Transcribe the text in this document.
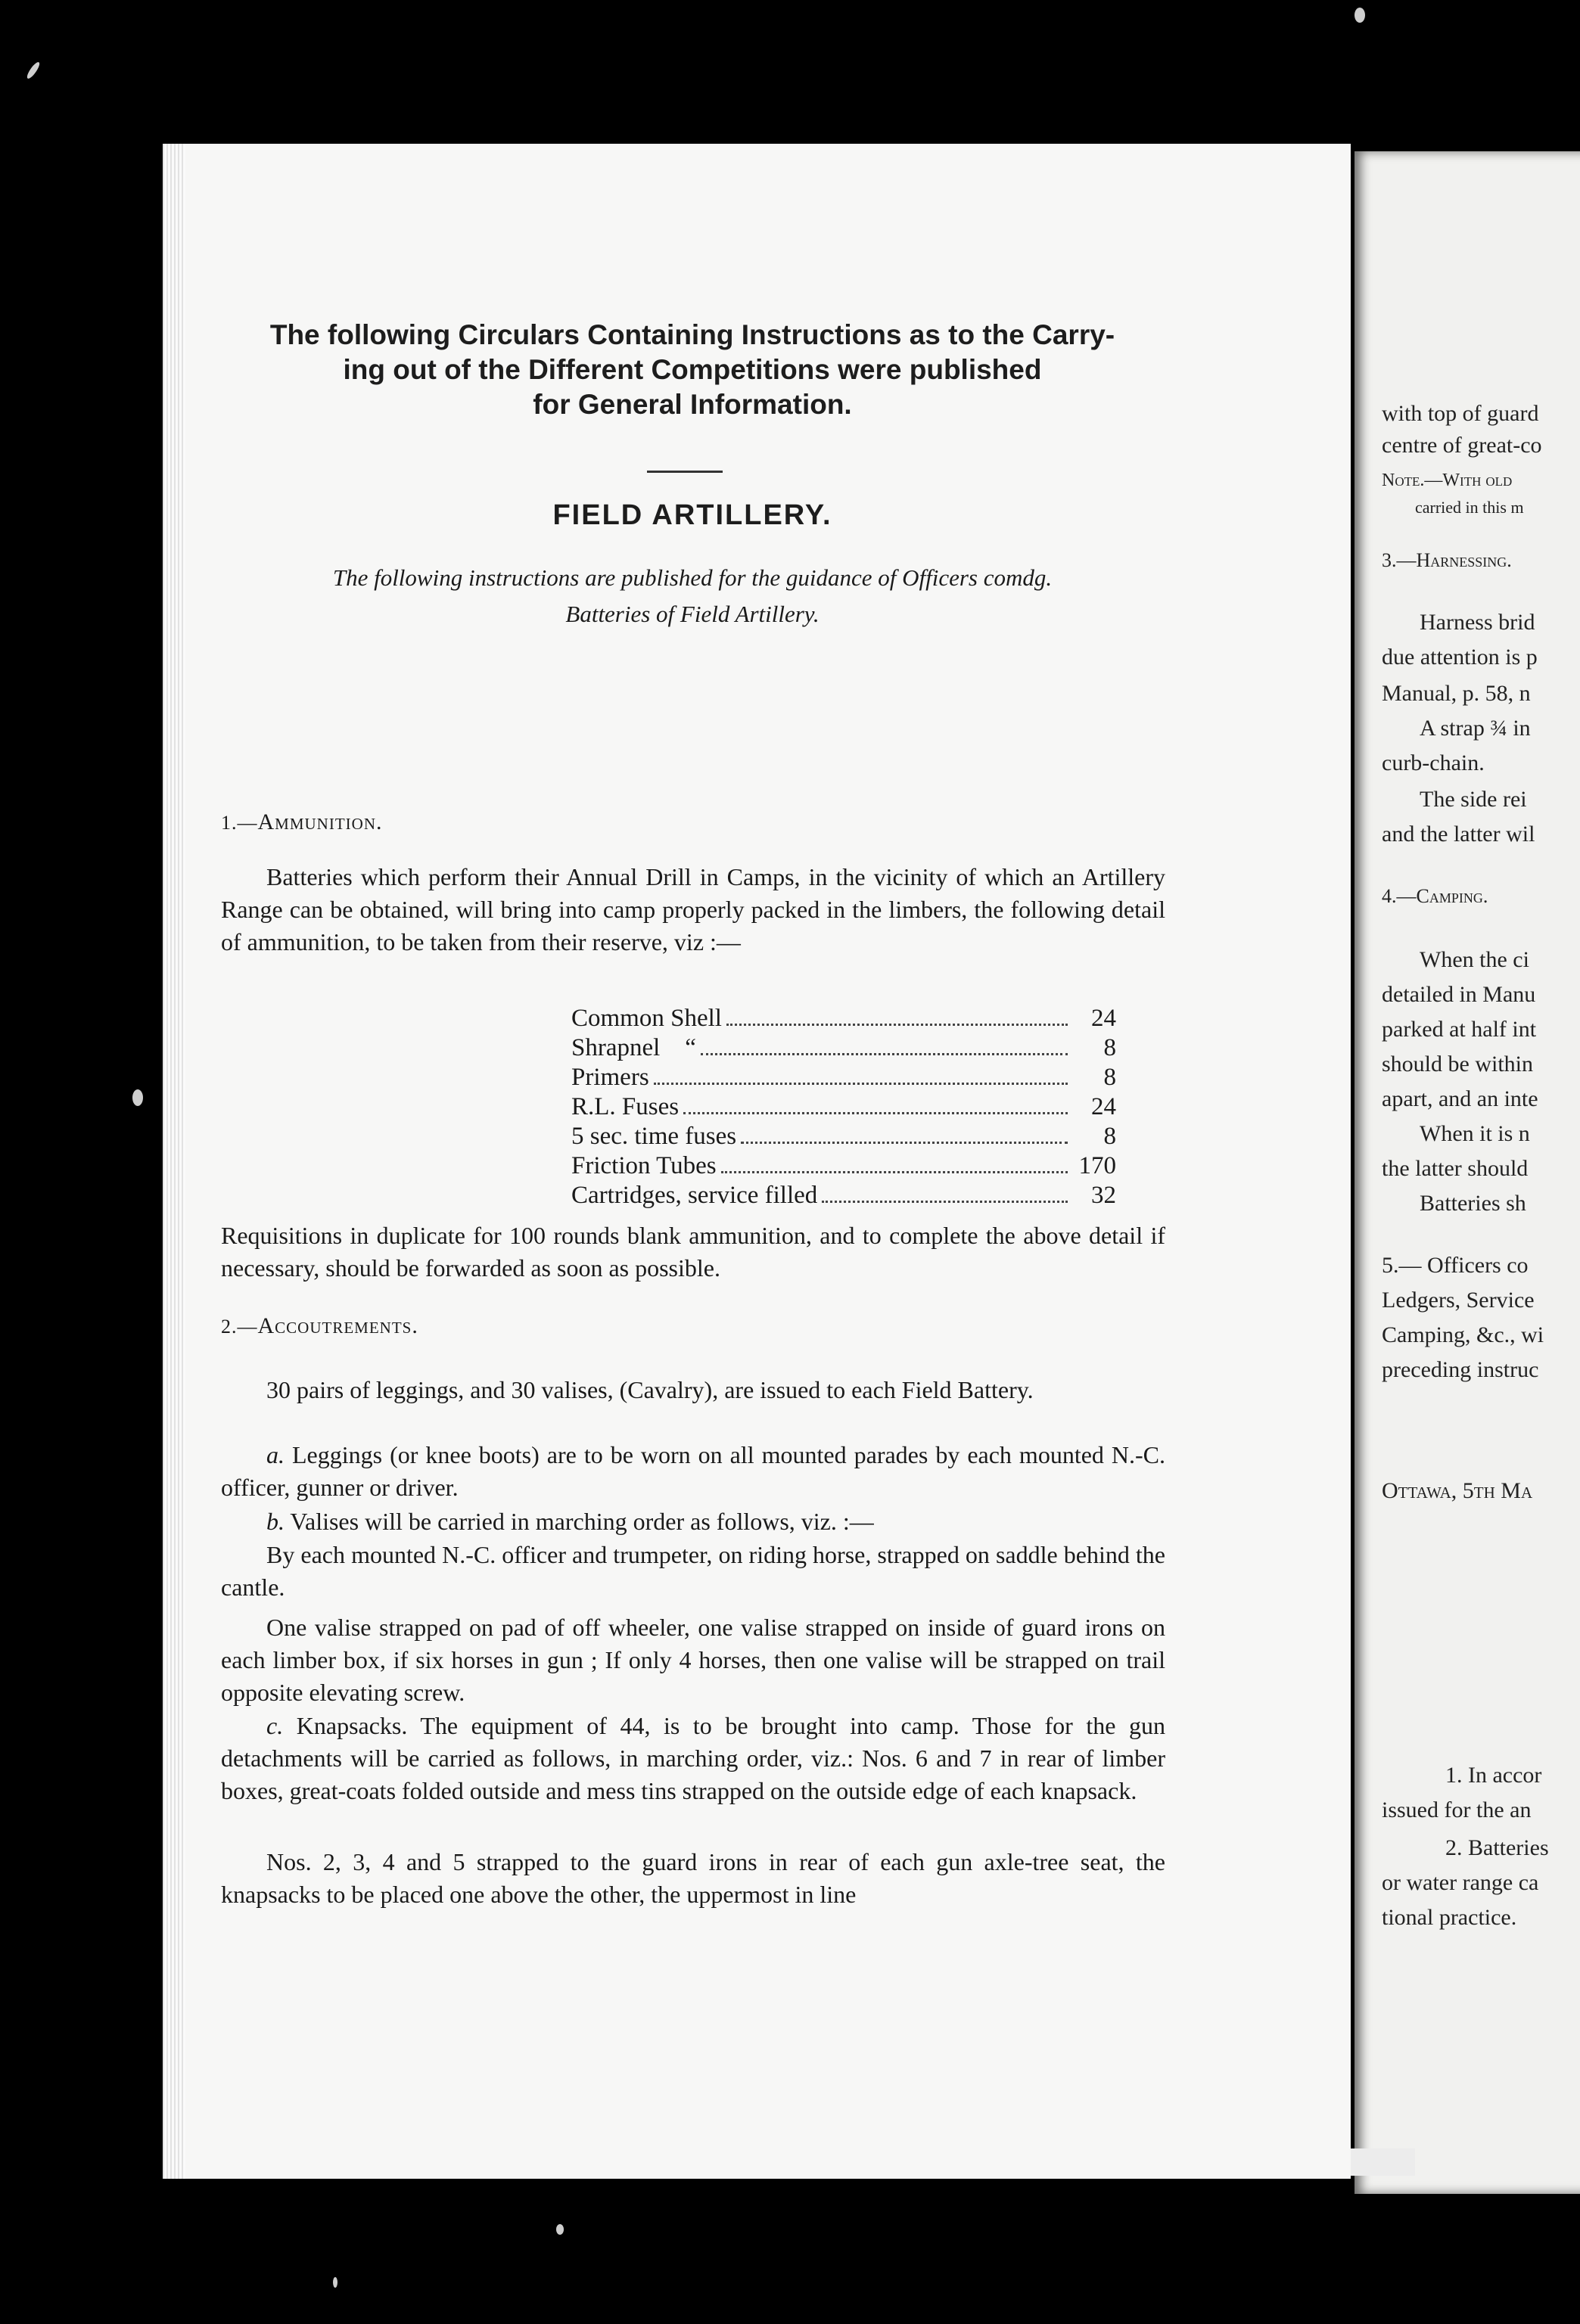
with top of guard
centre of great-co
Note.—With old
carried in this m
3.—Harnessing.
Harness brid
due attention is p
Manual, p. 58, n
A strap ¾ in
curb-chain.
The side rei
and the latter wil
4.—Camping.
When the ci
detailed in Manu
parked at half int
should be within
apart, and an inte
When it is n
the latter should
Batteries sh
5.— Officers co
Ledgers, Service
Camping, &c., wi
preceding instruc
Ottawa, 5th Ma
1. In accor
issued for the an
2. Batteries
or water range ca
tional practice.
The following Circulars Containing Instructions as to the Carry-
ing out of the Different Competitions were published
for General Information.
FIELD ARTILLERY.
The following instructions are published for the guidance of Officers comdg.
Batteries of Field Artillery.
1.—Ammunition.
Batteries which perform their Annual Drill in Camps, in the vicinity of which an Artillery Range can be obtained, will bring into camp properly packed in the limbers, the following detail of ammunition, to be taken from their reserve, viz :—
Common Shell	24
Shrapnel    “	8
Primers	8
R.L. Fuses	24
5 sec. time fuses	8
Friction Tubes	170
Cartridges, service filled	32
Requisitions in duplicate for 100 rounds blank ammunition, and to complete the above detail if necessary, should be forwarded as soon as possible.
2.—Accoutrements.
30 pairs of leggings, and 30 valises, (Cavalry), are issued to each Field Battery.
a. Leggings (or knee boots) are to be worn on all mounted parades by each mounted N.-C. officer, gunner or driver.
b. Valises will be carried in marching order as follows, viz. :—
By each mounted N.-C. officer and trumpeter, on riding horse, strapped on saddle behind the cantle.
One valise strapped on pad of off wheeler, one valise strapped on inside of guard irons on each limber box, if six horses in gun ; If only 4 horses, then one valise will be strapped on trail opposite elevating screw.
c. Knapsacks. The equipment of 44, is to be brought into camp. Those for the gun detachments will be carried as follows, in marching order, viz.: Nos. 6 and 7 in rear of limber boxes, great-coats folded outside and mess tins strapped on the outside edge of each knapsack.
Nos. 2, 3, 4 and 5 strapped to the guard irons in rear of each gun axle-tree seat, the knapsacks to be placed one above the other, the uppermost in line
